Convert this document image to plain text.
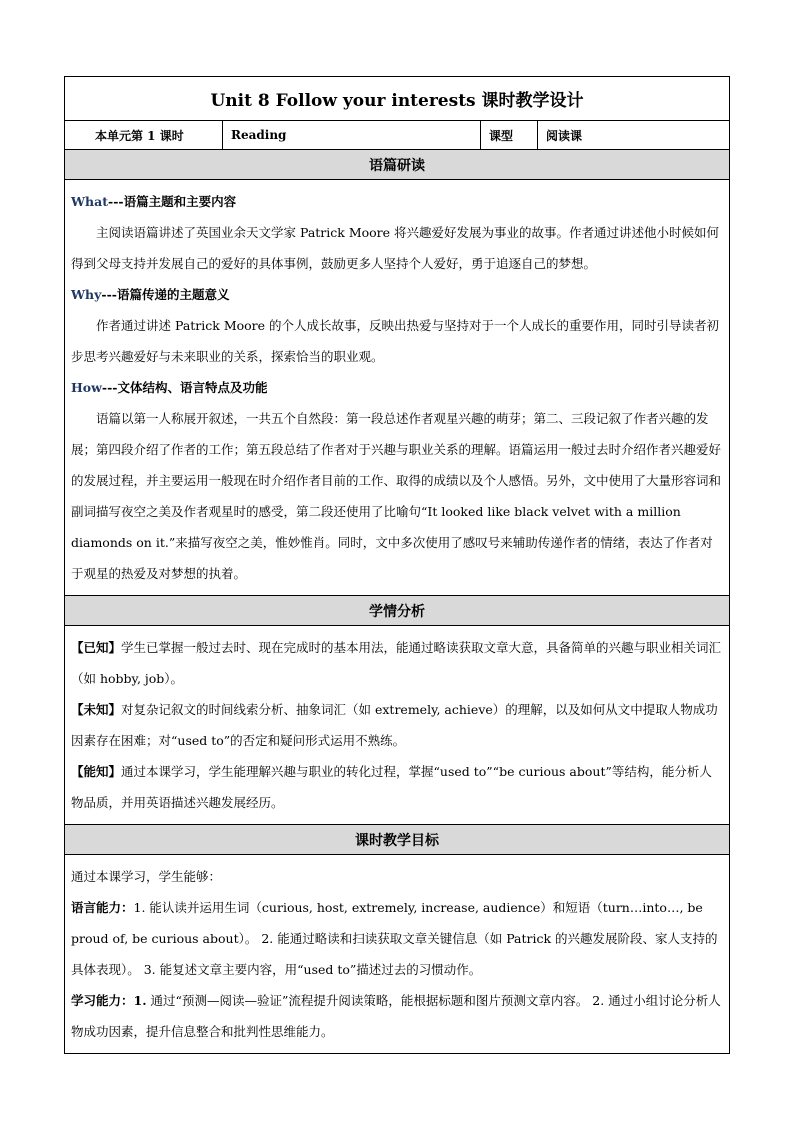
Unit 8 Follow your interests 课时教学设计
本单元第 1 课时	Reading	课型	阅读课
语篇研读

What---语篇主题和主要内容
主阅读语篇讲述了英国业余天文学家 Patrick Moore 将兴趣爱好发展为事业的故事。作者通过讲述他小时候如何得到父母支持并发展自己的爱好的具体事例，鼓励更多人坚持个人爱好，勇于追逐自己的梦想。
Why---语篇传递的主题意义
作者通过讲述 Patrick Moore 的个人成长故事，反映出热爱与坚持对于一个人成长的重要作用，同时引导读者初步思考兴趣爱好与未来职业的关系，探索恰当的职业观。
How---文体结构、语言特点及功能
语篇以第一人称展开叙述，一共五个自然段：第一段总述作者观星兴趣的萌芽；第二、三段记叙了作者兴趣的发展；第四段介绍了作者的工作；第五段总结了作者对于兴趣与职业关系的理解。语篇运用一般过去时介绍作者兴趣爱好的发展过程，并主要运用一般现在时介绍作者目前的工作、取得的成绩以及个人感悟。另外，文中使用了大量形容词和副词描写夜空之美及作者观星时的感受，第二段还使用了比喻句“It looked like black velvet with a million diamonds on it.”来描写夜空之美，惟妙惟肖。同时，文中多次使用了感叹号来辅助传递作者的情绪，表达了作者对于观星的热爱及对梦想的执着。

学情分析

【已知】学生已掌握一般过去时、现在完成时的基本用法，能通过略读获取文章大意，具备简单的兴趣与职业相关词汇（如 hobby, job）。
【未知】对复杂记叙文的时间线索分析、抽象词汇（如 extremely, achieve）的理解，以及如何从文中提取人物成功因素存在困难；对“used to”的否定和疑问形式运用不熟练。
【能知】通过本课学习，学生能理解兴趣与职业的转化过程，掌握“used to”“be curious about”等结构，能分析人物品质，并用英语描述兴趣发展经历。

课时教学目标

通过本课学习，学生能够：
语言能力：1. 能认读并运用生词（curious, host, extremely, increase, audience）和短语（turn…into…, be proud of, be curious about）。 2. 能通过略读和扫读获取文章关键信息（如 Patrick 的兴趣发展阶段、家人支持的具体表现）。 3. 能复述文章主要内容，用“used to”描述过去的习惯动作。
学习能力：1. 通过“预测—阅读—验证”流程提升阅读策略，能根据标题和图片预测文章内容。 2. 通过小组讨论分析人物成功因素，提升信息整合和批判性思维能力。
